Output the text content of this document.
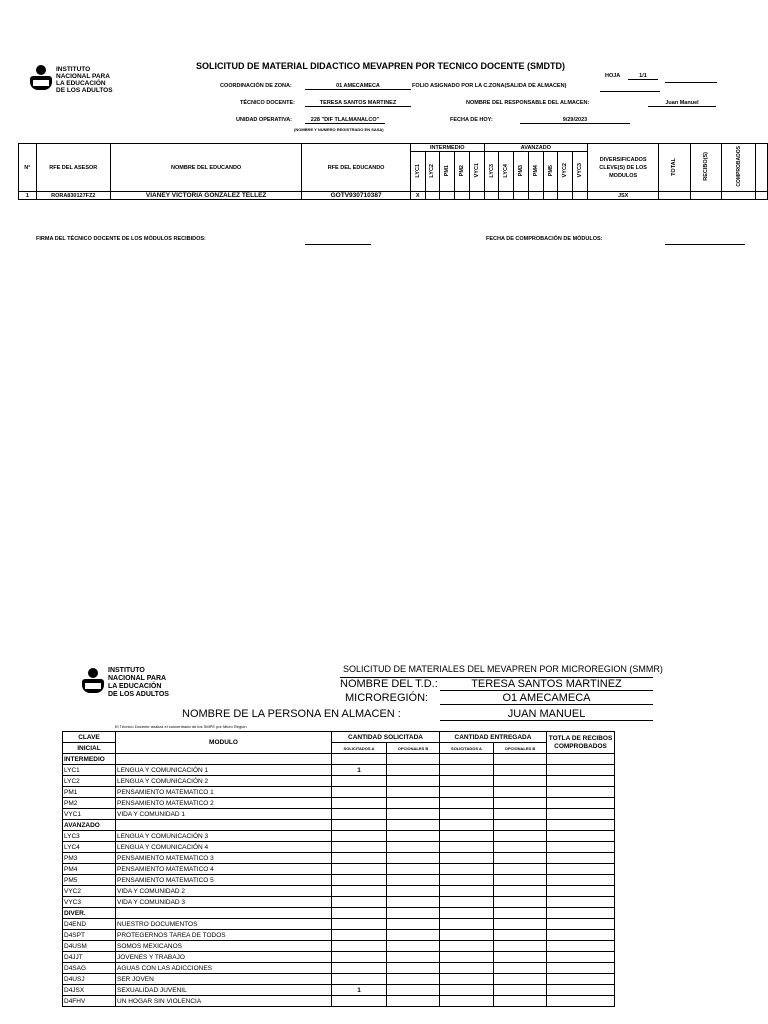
INSTITUTO
NACIONAL PARA
LA EDUCACIÓN
DE LOS ADULTOS
SOLICITUD DE MATERIAL DIDACTICO MEVAPREN POR TECNICO DOCENTE (SMDTD)
HOJA	1/1
COORDINACIÓN DE ZONA:	01 AMECAMECA	FOLIO ASIGNADO POR LA C.ZONA(SALIDA DE ALMACEN)
TÉCNICO DOCENTE:	TERESA SANTOS MARTINEZ	NOMBRE DEL RESPONSABLE DEL ALMACEN:	Juan Manuel
UNIDAD OPERATIVA:	228 "DIF TLALMANALCO"
(NOMBRE Y NUMERO REGISTRADO EN SASA)
FECHA DE HOY:	9/29/2023
N°	RFE DEL ASESOR	NOMBRE DEL EDUCANDO	RFE DEL EDUCANDO	INTERMEDIO					AVANZADO							DIVERSIFICADOS CLEVE(S) DE LOS MODULOS	TOTAL	RECIBO(S)	COMPROBADOS	
				LYC1	LYC2	PM1	PM2	VYC1	LYC3	LYC4	PM3	PM4	PM5	VYC2	VYC3					
1	RORA830127FZ2	VIANEY VICTORIA GONZALEZ TELLEZ	GOTV930710387	X												JSX				
FIRMA DEL TÉCNICO DOCENTE DE LOS MÓDULOS RECIBIDOS:	FECHA DE COMPROBACIÓN DE MÓDULOS:
INSTITUTO
NACIONAL PARA
LA EDUCACIÓN
DE LOS ADULTOS
SOLICITUD DE MATERIALES DEL MEVAPREN POR MICROREGION (SMMR)
NOMBRE DEL T.D.:	TERESA SANTOS MARTINEZ
MICROREGIÓN:	O1 AMECAMECA
NOMBRE DE LA PERSONA EN ALMACEN :	JUAN MANUEL
El Técnico Docente analizá el concentrado de los SMPE por Micro Region
CLAVE	MODULO	CANTIDAD SOLICITADA		CANTIDAD ENTREGADA		TOTLA DE RECIBOS COMPROBADOS	
INICIAL		SOLICITADOS A	OPCIONALES B	SOLICITADOS A	OPCIONALES B		
INTERMEDIO							
LYC1	LENGUA Y COMUNICACIÓN 1	1					
LYC2	LENGUA Y COMUNICACIÓN 2						
PM1	PENSAMIENTO MATEMATICO 1						
PM2	PENSAMIENTO MATEMATICO 2						
VYC1	VIDA Y COMUNIDAD 1						
AVANZADO							
LYC3	LENGUA Y COMUNICACIÓN 3						
LYC4	LENGUA Y COMUNICACIÓN 4						
PM3	PENSAMIENTO MATEMATICO 3						
PM4	PENSAMIENTO MATEMATICO 4						
PM5	PENSAMIENTO MATEMATICO 5						
VYC2	VIDA Y COMUNIDAD 2						
VYC3	VIDA Y COMUNIDAD 3						
DIVER.							
D4END	NUESTRO DOCUMENTOS						
D4SPT	PROTEGERNOS TAREA DE TODOS						
D4USM	SOMOS MEXICANOS						
D4JJT	JOVENES Y TRABAJO						
D4SAG	AGUAS CON LAS ADICCIONES						
D4USJ	SER JOVEN						
D4JSX	SEXUALIDAD JUVENIL	1					
D4FHV	UN HOGAR SIN VIOLENCIA						
